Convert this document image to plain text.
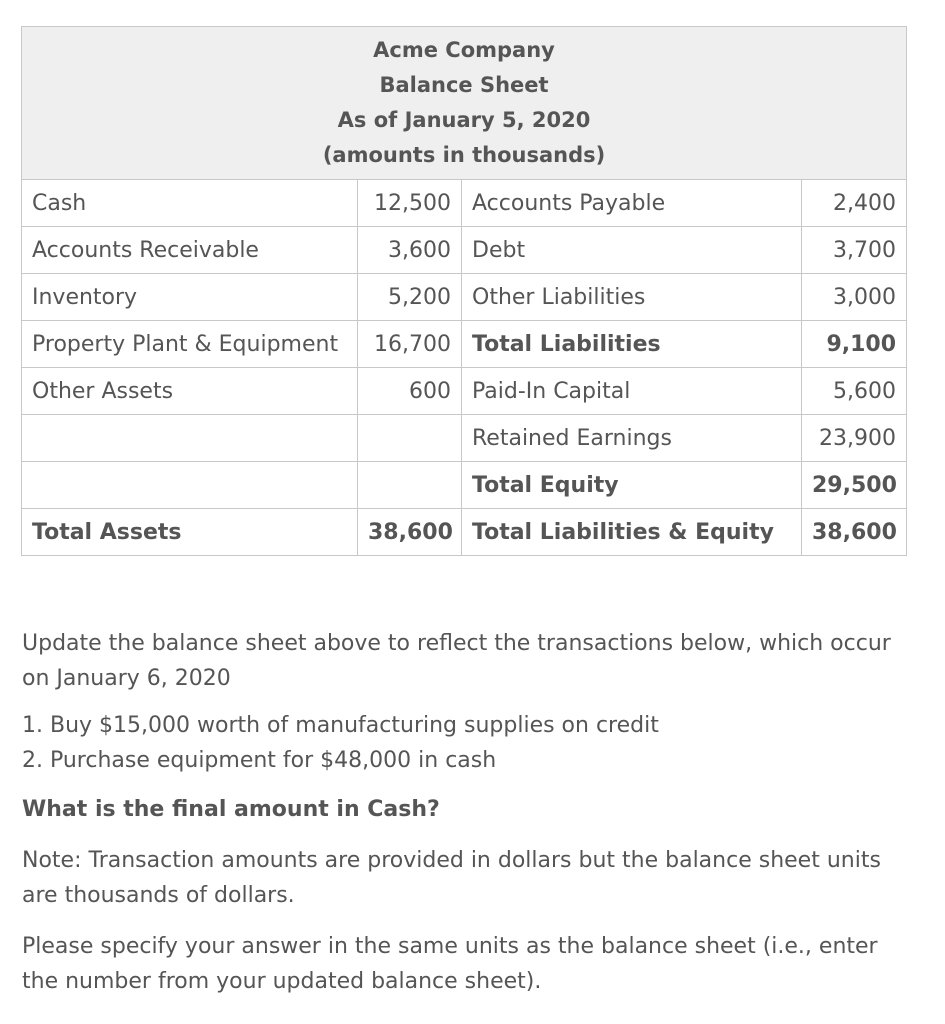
Acme Company
Balance Sheet
As of January 5, 2020
(amounts in thousands)			

Cash	12,500	Accounts Payable	2,400
Accounts Receivable	3,600	Debt	3,700
Inventory	5,200	Other Liabilities	3,000
Property Plant & Equipment	16,700	Total Liabilities	9,100
Other Assets	600	Paid-In Capital	5,600
		Retained Earnings	23,900
		Total Equity	29,500
Total Assets	38,600	Total Liabilities & Equity	38,600

Update the balance sheet above to reflect the transactions below, which occur on January 6, 2020

1. Buy $15,000 worth of manufacturing supplies on credit
2. Purchase equipment for $48,000 in cash

What is the final amount in Cash?

Note: Transaction amounts are provided in dollars but the balance sheet units are thousands of dollars.

Please specify your answer in the same units as the balance sheet (i.e., enter the number from your updated balance sheet).
